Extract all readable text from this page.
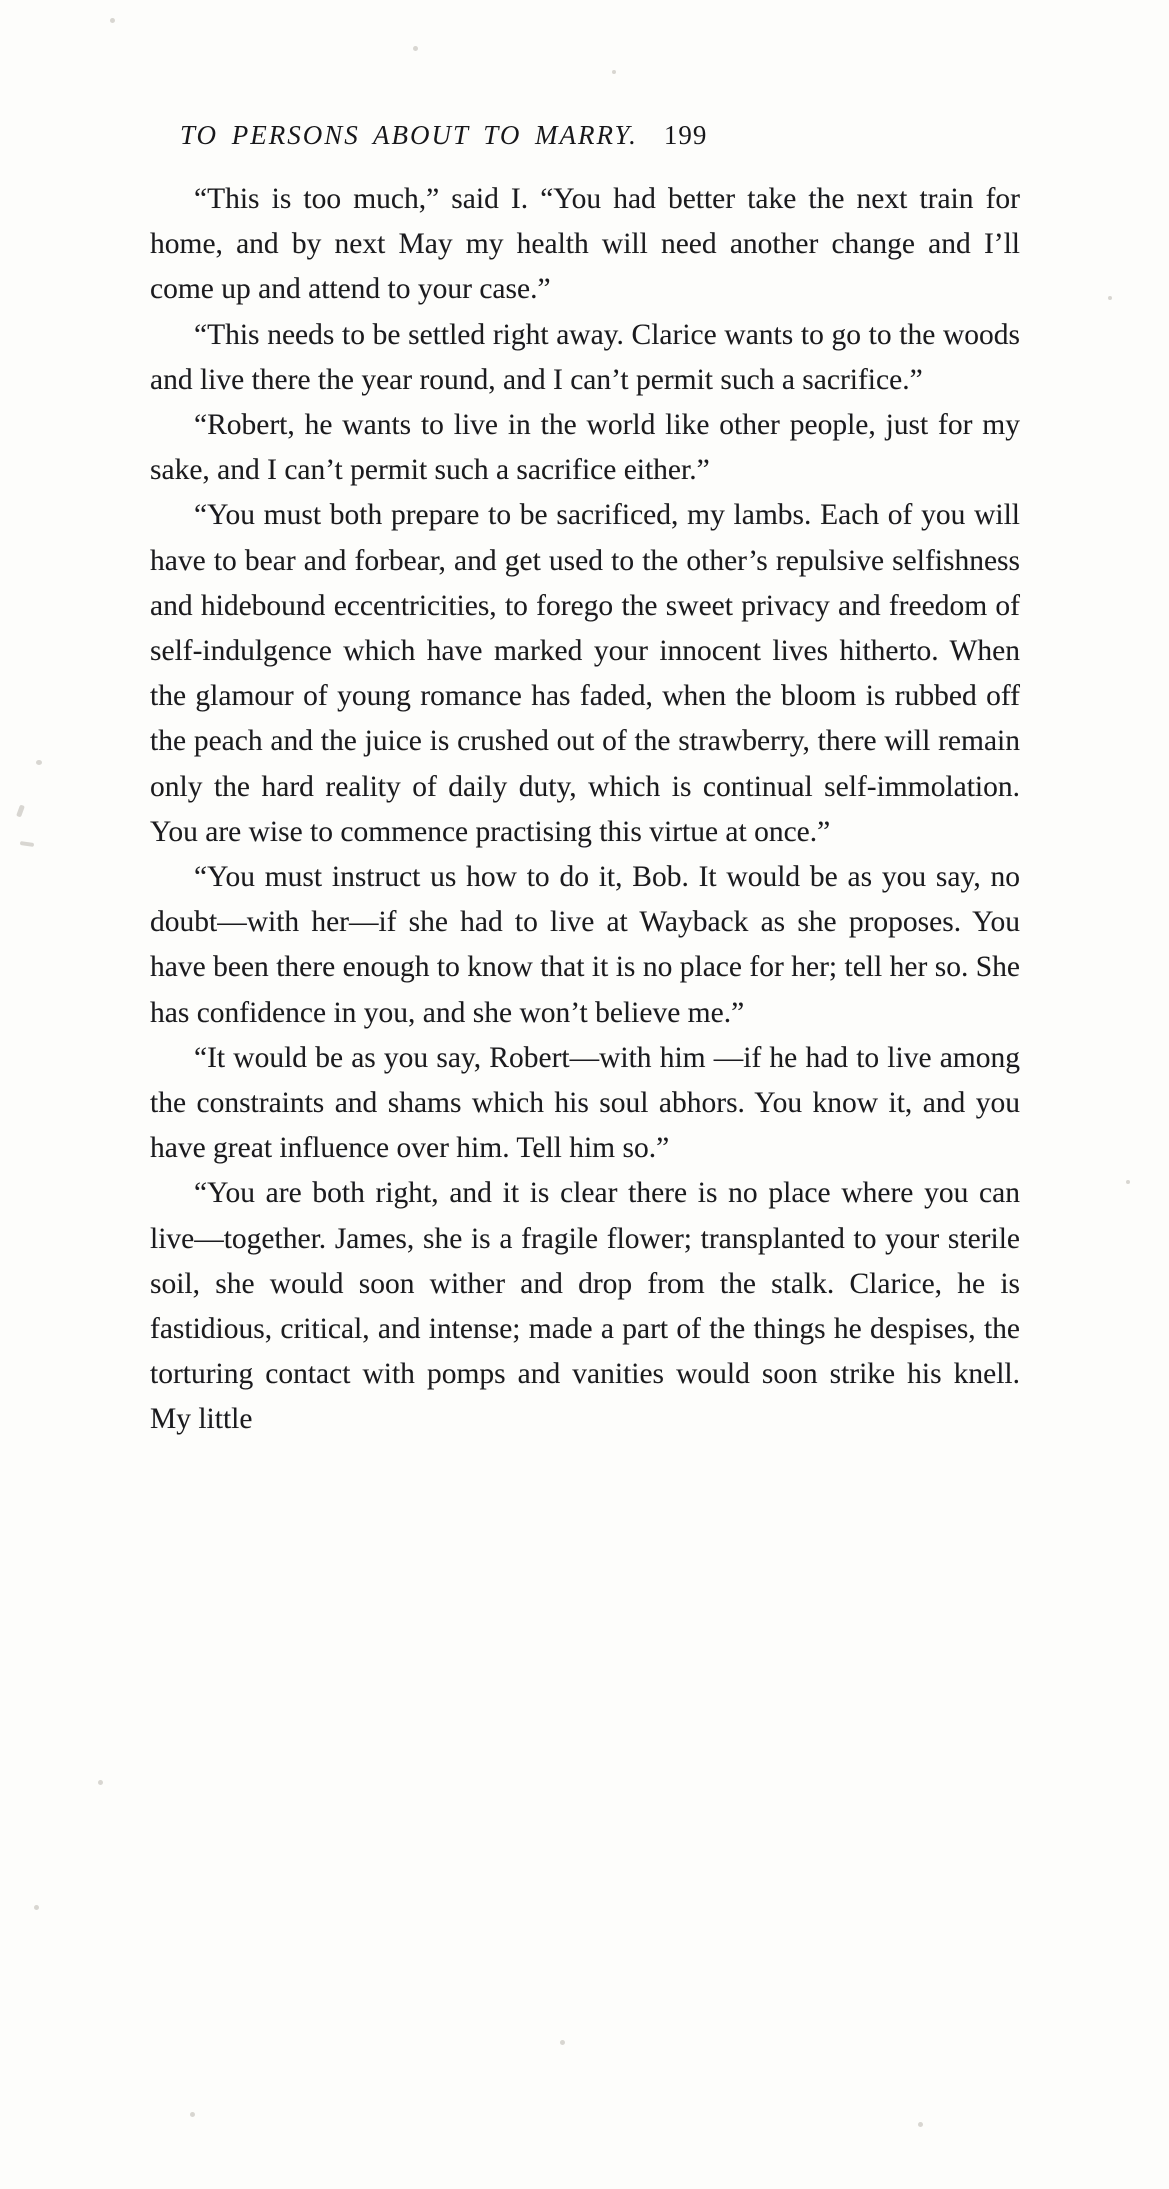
TO PERSONS ABOUT TO MARRY. 199

“This is too much,” said I. “You had better take the next train for home, and by next May my health will need another change and I’ll come up and attend to your case.”

“This needs to be settled right away. Clarice wants to go to the woods and live there the year round, and I can’t permit such a sacrifice.”

“Robert, he wants to live in the world like other people, just for my sake, and I can’t permit such a sacrifice either.”

“You must both prepare to be sacrificed, my lambs. Each of you will have to bear and forbear, and get used to the other’s repulsive selfishness and hidebound eccentricities, to forego the sweet privacy and freedom of self-indulgence which have marked your innocent lives hitherto. When the glamour of young romance has faded, when the bloom is rubbed off the peach and the juice is crushed out of the strawberry, there will remain only the hard reality of daily duty, which is continual self-immolation. You are wise to commence practising this virtue at once.”

“You must instruct us how to do it, Bob. It would be as you say, no doubt—with her—if she had to live at Wayback as she proposes. You have been there enough to know that it is no place for her; tell her so. She has confidence in you, and she won’t believe me.”

“It would be as you say, Robert—with him —if he had to live among the constraints and shams which his soul abhors. You know it, and you have great influence over him. Tell him so.”

“You are both right, and it is clear there is no place where you can live—together. James, she is a fragile flower; transplanted to your sterile soil, she would soon wither and drop from the stalk. Clarice, he is fastidious, critical, and intense; made a part of the things he despises, the torturing contact with pomps and vanities would soon strike his knell. My little
